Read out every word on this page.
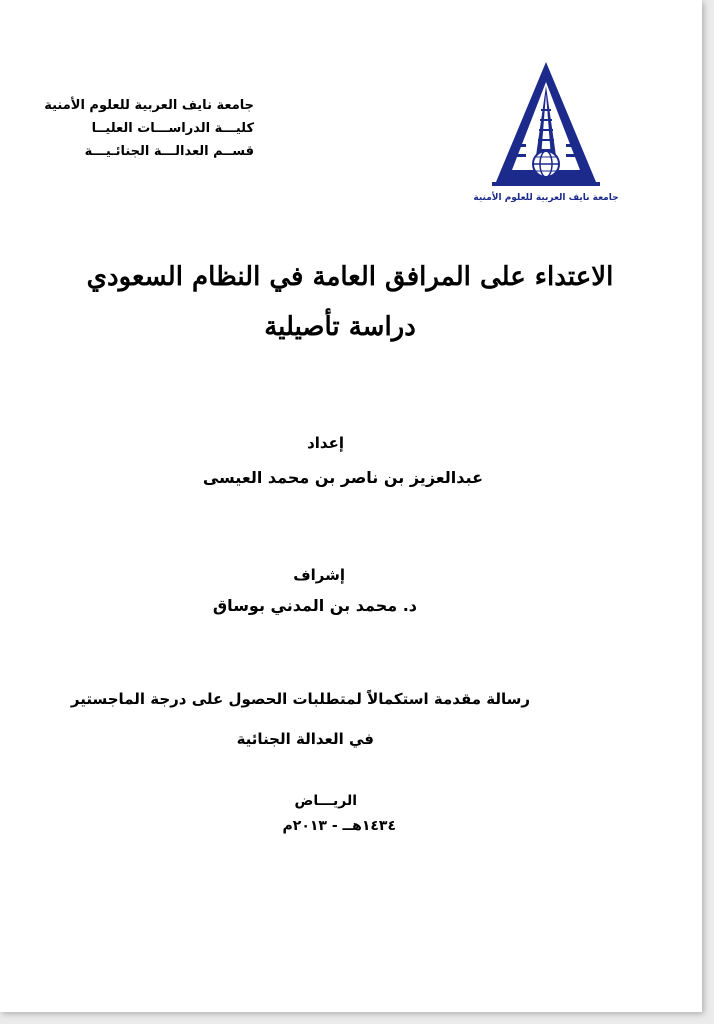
NAUSS
جامعة نايف العربية للعلوم الأمنية
جامعة نايف العربية للعلوم الأمنية
كليـــة الدراســـات العليــا
قســم العدالـــة الجنائـيـــة
الاعتداء على المرافق العامة في النظام السعودي
دراسة تأصيلية
إعداد
عبدالعزيز بن ناصر بن محمد العيسى
إشراف
د. محمد بن المدني بوساق
رسالة مقدمة استكمالاً لمتطلبات الحصول على درجة الماجستير
في العدالة الجنائية
الريـــاض
١٤٣٤هــ - ٢٠١٣م
